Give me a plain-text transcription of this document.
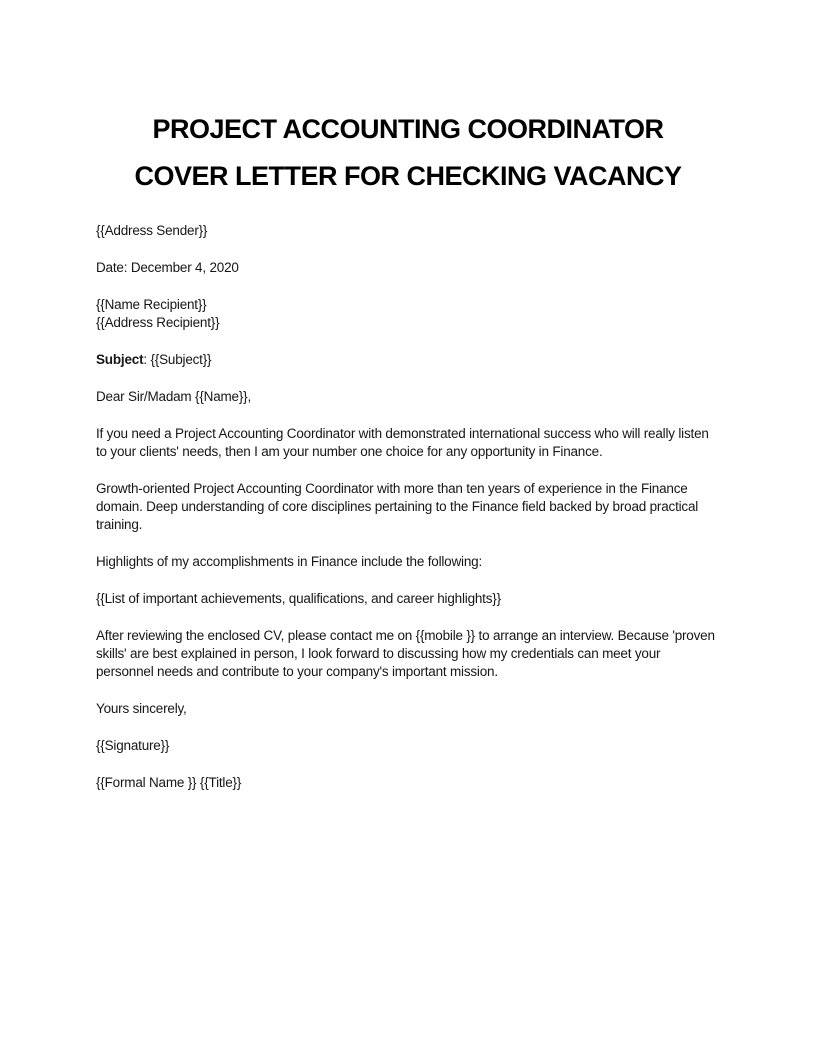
PROJECT ACCOUNTING COORDINATOR
COVER LETTER FOR CHECKING VACANCY

{{Address Sender}}

Date: December 4, 2020

{{Name Recipient}}
{{Address Recipient}}

Subject: {{Subject}}

Dear Sir/Madam {{Name}},

If you need a Project Accounting Coordinator with demonstrated international success who will really listen to your clients' needs, then I am your number one choice for any opportunity in Finance.

Growth-oriented Project Accounting Coordinator with more than ten years of experience in the Finance domain. Deep understanding of core disciplines pertaining to the Finance field backed by broad practical training.

Highlights of my accomplishments in Finance include the following:

{{List of important achievements, qualifications, and career highlights}}

After reviewing the enclosed CV, please contact me on {{mobile }} to arrange an interview. Because 'proven skills' are best explained in person, I look forward to discussing how my credentials can meet your personnel needs and contribute to your company's important mission.

Yours sincerely,

{{Signature}}

{{Formal Name }} {{Title}}
